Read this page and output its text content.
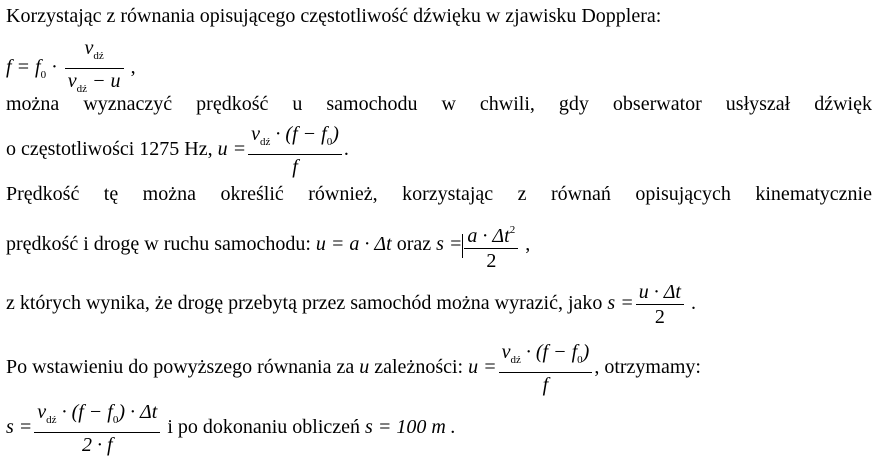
Korzystając z równania opisującego częstotliwość dźwięku w zjawisku Dopplera:
$f = f_0 \cdot \frac{v_{dź}}{v_{dź} - u}$ ,
można wyznaczyć prędkość u samochodu w chwili, gdy obserwator usłyszał dźwięk
o częstotliwości 1275 Hz, $u = \frac{v_{dź} \cdot (f - f_0)}{f}$ .
Prędkość tę można określić również, korzystając z równań opisujących kinematycznie
prędkość i drogę w ruchu samochodu: u = a · Δt oraz $s = \frac{a \cdot \Delta t^2}{2}$ ,
z których wynika, że drogę przebytą przez samochód można wyrazić, jako $s = \frac{u \cdot \Delta t}{2}$ .
Po wstawieniu do powyższego równania za u zależności: $u = \frac{v_{dź} \cdot (f - f_0)}{f}$ , otrzymamy:
$s = \frac{v_{dź} \cdot (f - f_0) \cdot \Delta t}{2 \cdot f}$ i po dokonaniu obliczeń s = 100 m .
